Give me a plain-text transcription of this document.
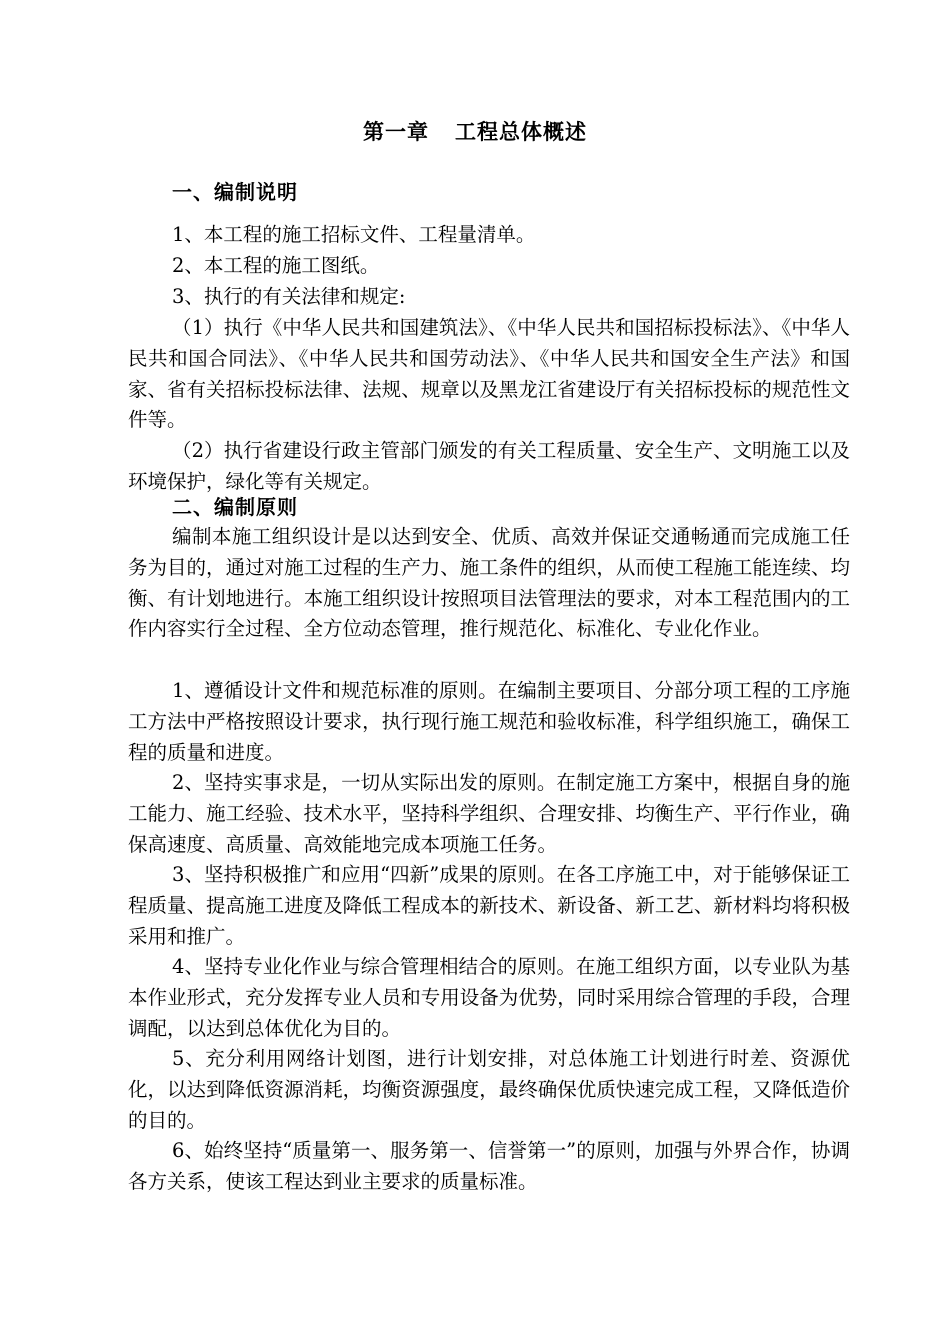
第一章 工程总体概述
一、编制说明
1、本工程的施工招标文件、工程量清单。
2、本工程的施工图纸。
3、执行的有关法律和规定:
（1）执行《中华人民共和国建筑法》、《中华人民共和国招标投标法》、《中华人民共和国合同法》、《中华人民共和国劳动法》、《中华人民共和国安全生产法》和国家、省有关招标投标法律、法规、规章以及黑龙江省建设厅有关招标投标的规范性文件等。
（2）执行省建设行政主管部门颁发的有关工程质量、安全生产、文明施工以及环境保护，绿化等有关规定。
二、编制原则
编制本施工组织设计是以达到安全、优质、高效并保证交通畅通而完成施工任务为目的，通过对施工过程的生产力、施工条件的组织，从而使工程施工能连续、均衡、有计划地进行。本施工组织设计按照项目法管理法的要求，对本工程范围内的工作内容实行全过程、全方位动态管理，推行规范化、标准化、专业化作业。
1、遵循设计文件和规范标准的原则。在编制主要项目、分部分项工程的工序施工方法中严格按照设计要求，执行现行施工规范和验收标准，科学组织施工，确保工程的质量和进度。
2、坚持实事求是，一切从实际出发的原则。在制定施工方案中，根据自身的施工能力、施工经验、技术水平，坚持科学组织、合理安排、均衡生产、平行作业，确保高速度、高质量、高效能地完成本项施工任务。
3、坚持积极推广和应用“四新”成果的原则。在各工序施工中，对于能够保证工程质量、提高施工进度及降低工程成本的新技术、新设备、新工艺、新材料均将积极采用和推广。
4、坚持专业化作业与综合管理相结合的原则。在施工组织方面，以专业队为基本作业形式，充分发挥专业人员和专用设备为优势，同时采用综合管理的手段，合理调配，以达到总体优化为目的。
5、充分利用网络计划图，进行计划安排，对总体施工计划进行时差、资源优化，以达到降低资源消耗，均衡资源强度，最终确保优质快速完成工程，又降低造价的目的。
6、始终坚持“质量第一、服务第一、信誉第一”的原则，加强与外界合作，协调各方关系，使该工程达到业主要求的质量标准。
